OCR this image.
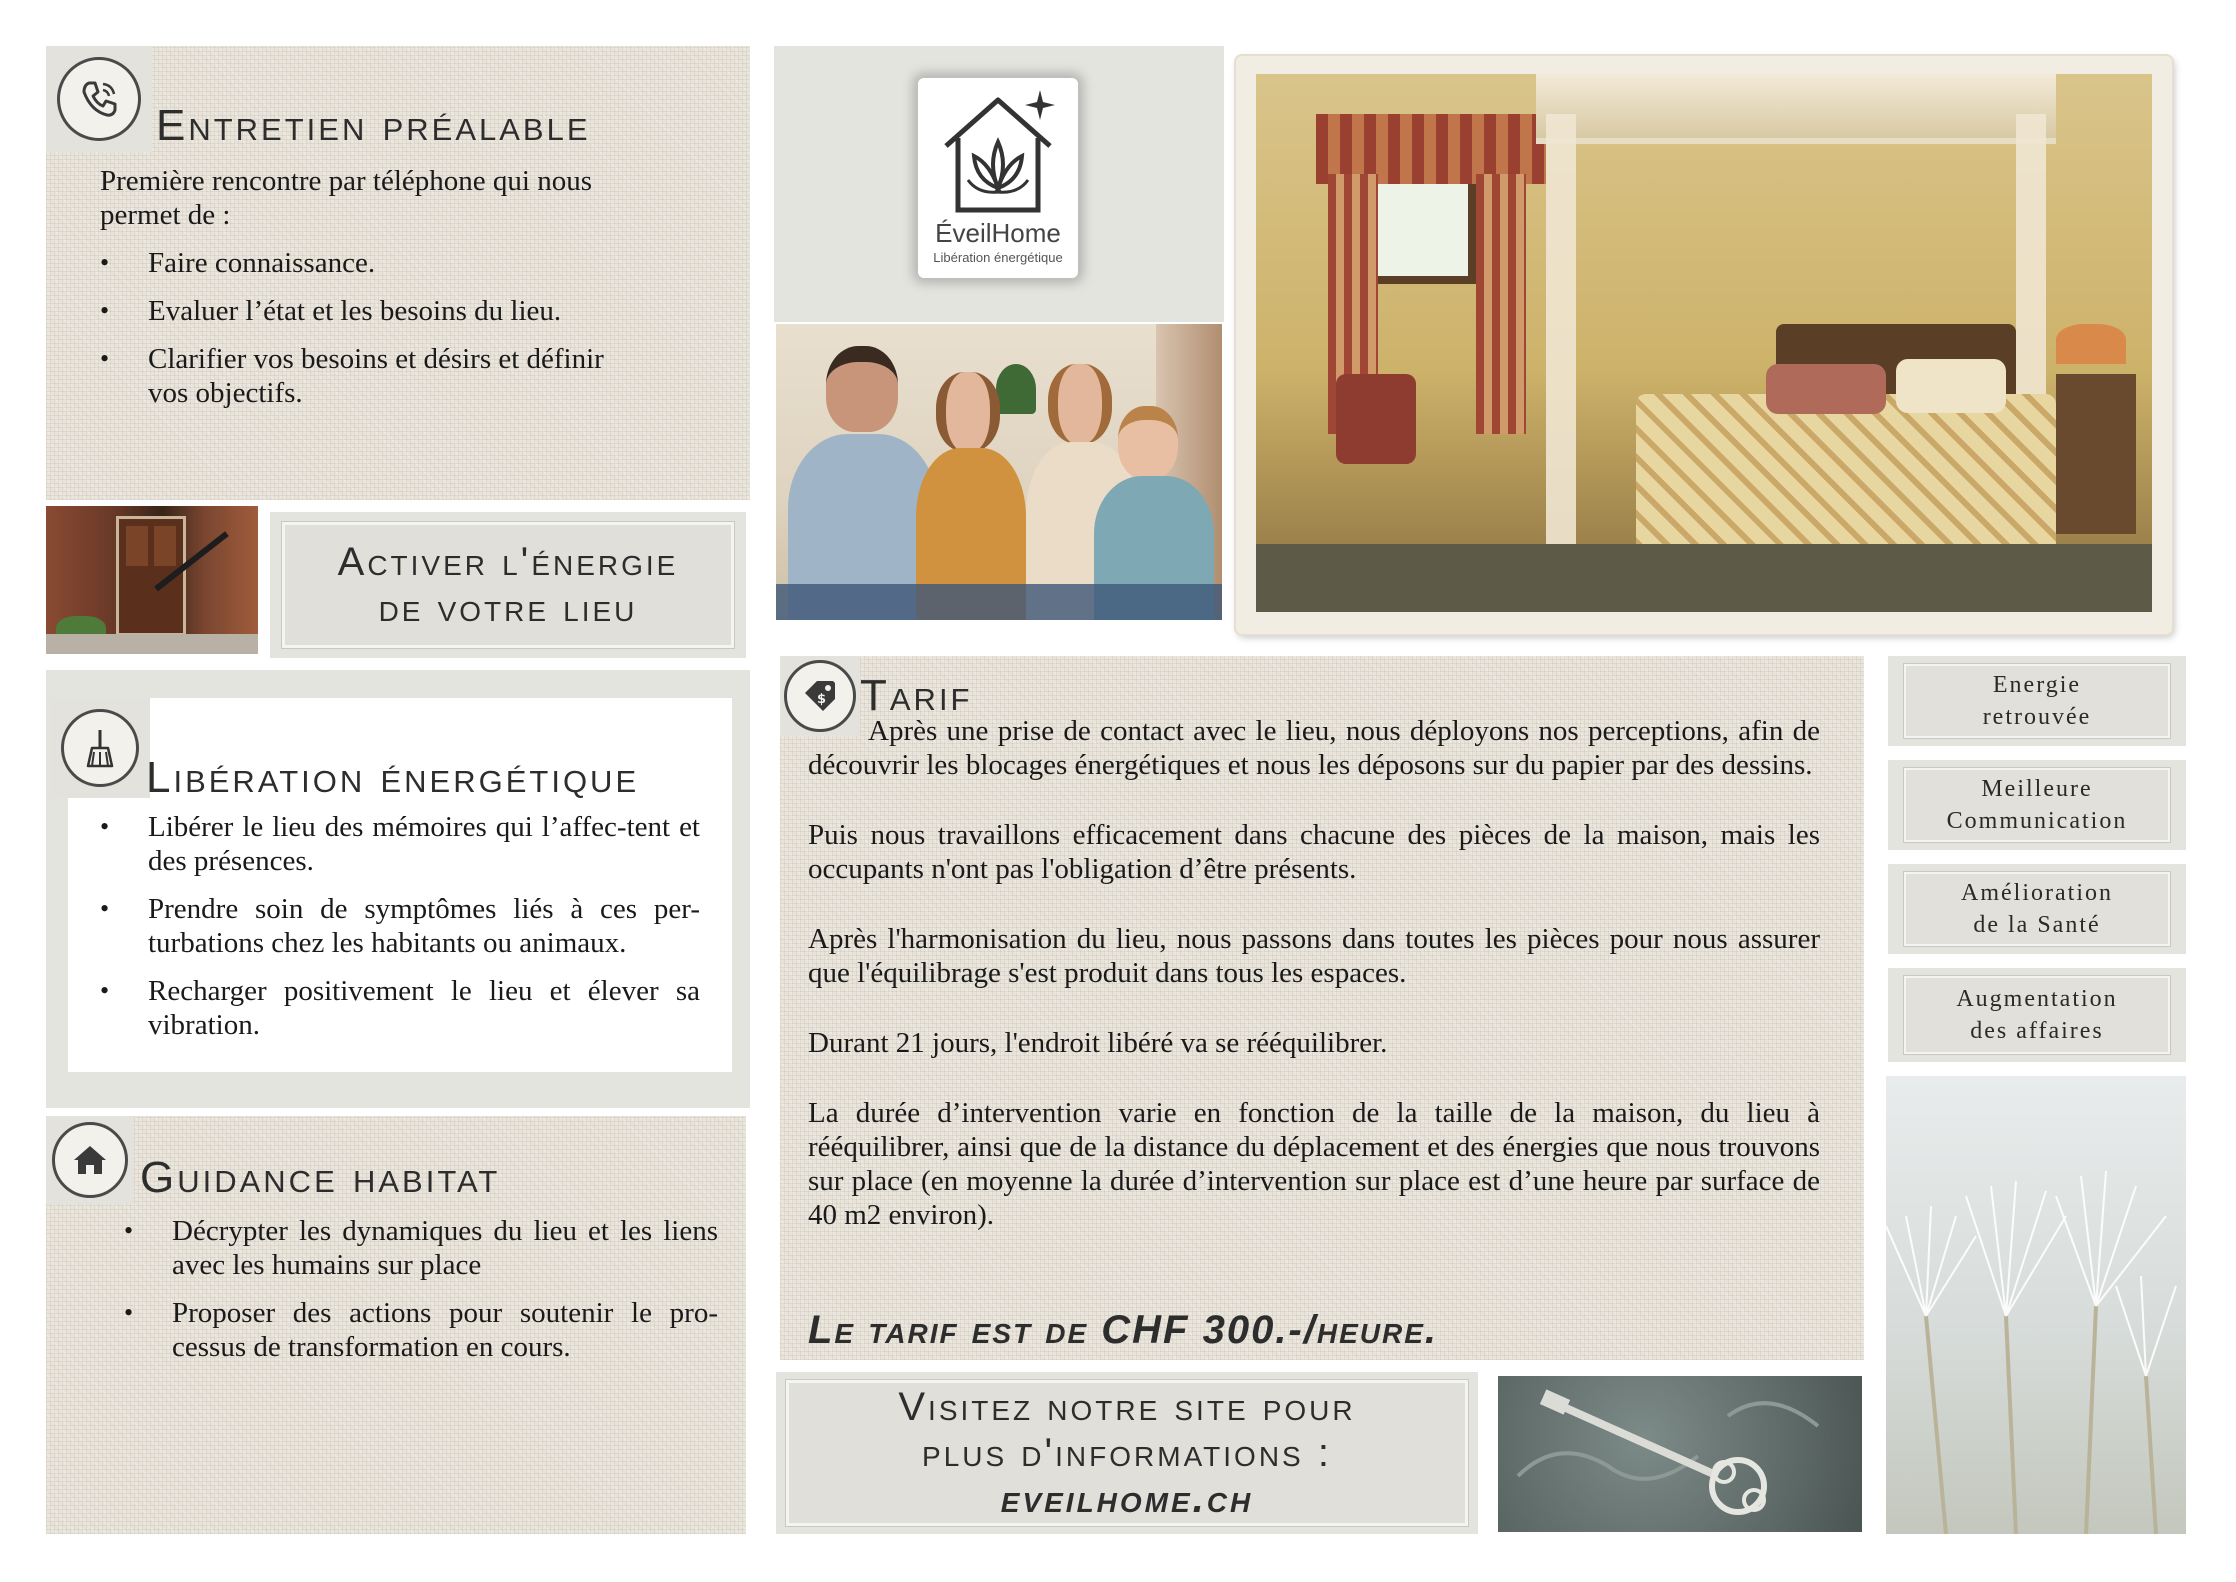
Entretien préalable
Première rencontre par téléphone qui nous permet de :
• Faire connaissance.
• Evaluer l’état et les besoins du lieu.
• Clarifier vos besoins et désirs et définir vos objectifs.
Activer l'énergie
de votre lieu
ÉveilHome
Libération énergétique
Libération énergétique
• Libérer le lieu des mémoires qui l’affec-tent et des présences.
• Prendre soin de symptômes liés à ces per-turbations chez les habitants ou animaux.
• Recharger positivement le lieu et élever sa vibration.
Guidance habitat
• Décrypter les dynamiques du lieu et les liens avec les humains sur place
• Proposer des actions pour soutenir le pro-cessus de transformation en cours.
$ Tarif

Après une prise de contact avec le lieu, nous déployons nos perceptions, afin de découvrir les blocages énergétiques et nous les déposons sur du papier par des dessins.

Puis nous travaillons efficacement dans chacune des pièces de la maison, mais les occupants n'ont pas l'obligation d’être présents.

Après l'harmonisation du lieu, nous passons dans toutes les pièces pour nous assurer que l'équilibrage s'est produit dans tous les espaces.

Durant 21 jours, l'endroit libéré va se rééquilibrer.

La durée d’intervention varie en fonction de la taille de la maison, du lieu à rééquilibrer, ainsi que de la distance du déplacement et des énergies que nous trouvons sur place (en moyenne la durée d’intervention sur place est d’une heure par surface de 40 m2 environ).

Le tarif est de CHF 300.-/heure.
Visitez notre site pour
plus d'informations :
eveilhome.ch
Energie retrouvée
Meilleure Communication
Amélioration de la Santé
Augmentation des affaires
